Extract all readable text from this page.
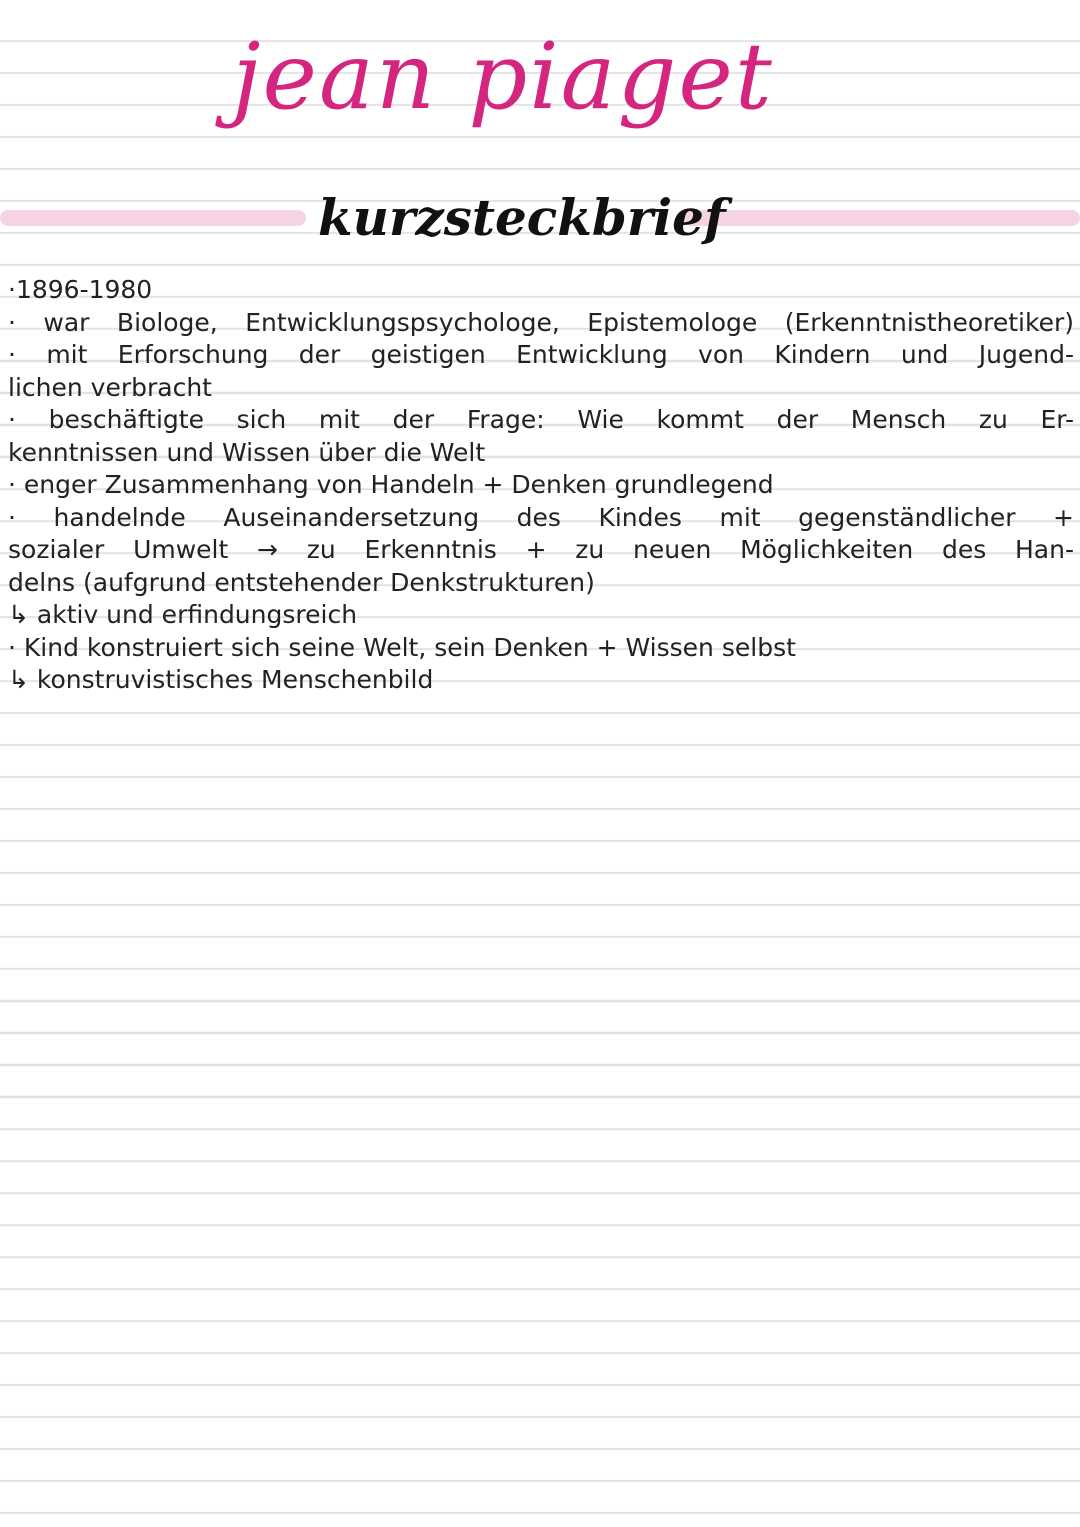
jean piaget
kurzsteckbrief
·1896-1980
· war Biologe, Entwicklungspsychologe, Epistemologe (Erkenntnistheoretiker)
· mit Erforschung der geistigen Entwicklung von Kindern und Jugend-
lichen verbracht
· beschäftigte sich mit der Frage: Wie kommt der Mensch zu Er-
kenntnissen und Wissen über die Welt
· enger Zusammenhang von Handeln + Denken grundlegend
· handelnde Auseinandersetzung des Kindes mit gegenständlicher +
sozialer Umwelt → zu Erkenntnis + zu neuen Möglichkeiten des Han-
delns (aufgrund entstehender Denkstrukturen)
↳ aktiv und erfindungsreich
· Kind konstruiert sich seine Welt, sein Denken + Wissen selbst
↳ konstruvistisches Menschenbild
